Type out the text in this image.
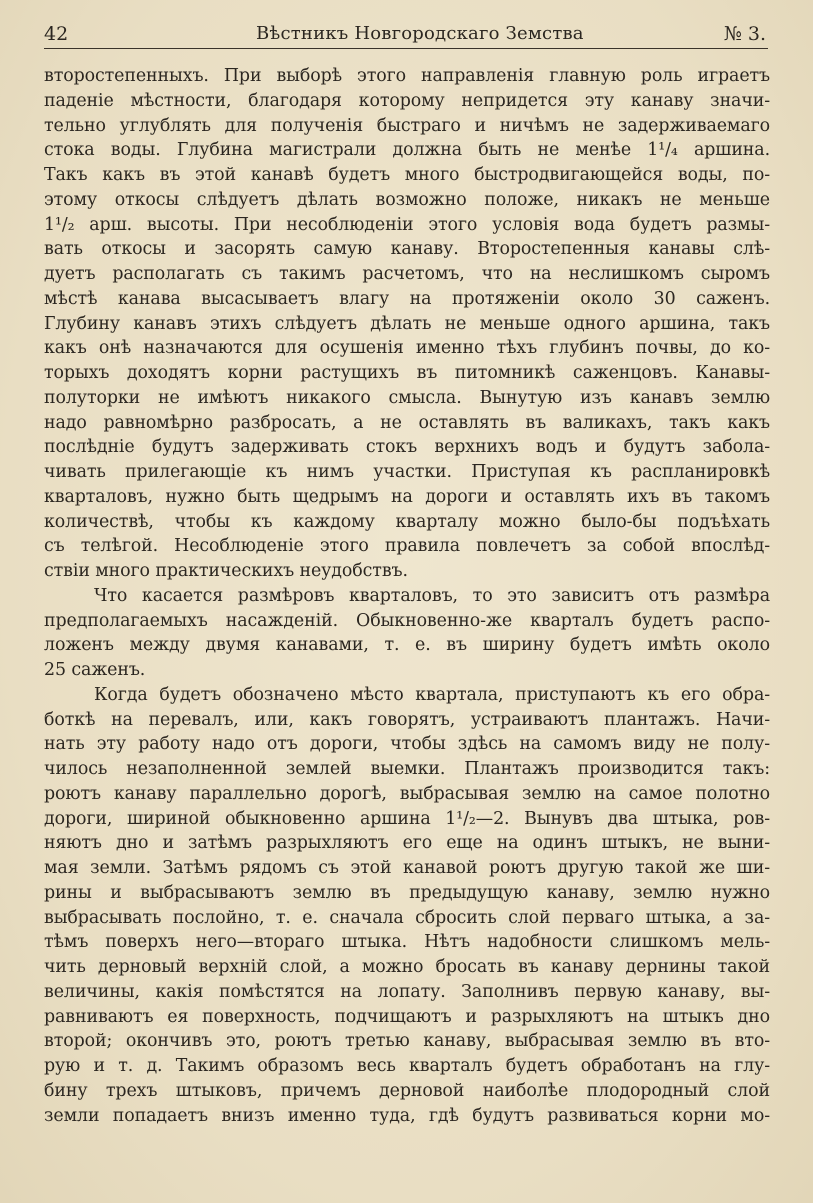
42	Вѣстникъ Новгородскаго Земства	№ 3.
второстепенныхъ. При выборѣ этого направленія главную роль играетъ
паденіе мѣстности, благодаря которому непридется эту канаву значи-
тельно углублять для полученія быстраго и ничѣмъ не задерживаемаго
стока воды. Глубина магистрали должна быть не менѣе 1¹/₄ аршина.
Такъ какъ въ этой канавѣ будетъ много быстродвигающейся воды, по-
этому откосы слѣдуетъ дѣлать возможно положе, никакъ не меньше
1¹/₂ арш. высоты. При несоблюденіи этого условія вода будетъ размы-
вать откосы и засорять самую канаву. Второстепенныя канавы слѣ-
дуетъ располагать съ такимъ расчетомъ, что на неслишкомъ сыромъ
мѣстѣ канава высасываетъ влагу на протяженіи около 30 саженъ.
Глубину канавъ этихъ слѣдуетъ дѣлать не меньше одного аршина, такъ
какъ онѣ назначаются для осушенія именно тѣхъ глубинъ почвы, до ко-
торыхъ доходятъ корни растущихъ въ питомникѣ саженцовъ. Канавы-
полуторки не имѣютъ никакого смысла. Вынутую изъ канавъ землю
надо равномѣрно разбросать, а не оставлять въ валикахъ, такъ какъ
послѣдніе будутъ задерживать стокъ верхнихъ водъ и будутъ забола-
чивать прилегающіе къ нимъ участки. Приступая къ распланировкѣ
кварталовъ, нужно быть щедрымъ на дороги и оставлять ихъ въ такомъ
количествѣ, чтобы къ каждому кварталу можно было-бы подъѣхать
съ телѣгой. Несоблюденіе этого правила повлечетъ за собой впослѣд-
ствіи много практическихъ неудобствъ.
Что касается размѣровъ кварталовъ, то это зависитъ отъ размѣра
предполагаемыхъ насажденій. Обыкновенно-же кварталъ будетъ распо-
ложенъ между двумя канавами, т. е. въ ширину будетъ имѣть около
25 саженъ.
Когда будетъ обозначено мѣсто квартала, приступаютъ къ его обра-
боткѣ на перевалъ, или, какъ говорятъ, устраиваютъ плантажъ. Начи-
нать эту работу надо отъ дороги, чтобы здѣсь на самомъ виду не полу-
чилось незаполненной землей выемки. Плантажъ производится такъ:
роютъ канаву параллельно дорогѣ, выбрасывая землю на самое полотно
дороги, шириной обыкновенно аршина 1¹/₂—2. Вынувъ два штыка, ров-
няютъ дно и затѣмъ разрыхляютъ его еще на одинъ штыкъ, не выни-
мая земли. Затѣмъ рядомъ съ этой канавой роютъ другую такой же ши-
рины и выбрасываютъ землю въ предыдущую канаву, землю нужно
выбрасывать послойно, т. е. сначала сбросить слой перваго штыка, а за-
тѣмъ поверхъ него—втораго штыка. Нѣтъ надобности слишкомъ мель-
чить дерновый верхній слой, а можно бросать въ канаву дернины такой
величины, какія помѣстятся на лопату. Заполнивъ первую канаву, вы-
равниваютъ ея поверхность, подчищаютъ и разрыхляютъ на штыкъ дно
второй; окончивъ это, роютъ третью канаву, выбрасывая землю въ вто-
рую и т. д. Такимъ образомъ весь кварталъ будетъ обработанъ на глу-
бину трехъ штыковъ, причемъ дерновой наиболѣе плодородный слой
земли попадаетъ внизъ именно туда, гдѣ будутъ развиваться корни мо-
